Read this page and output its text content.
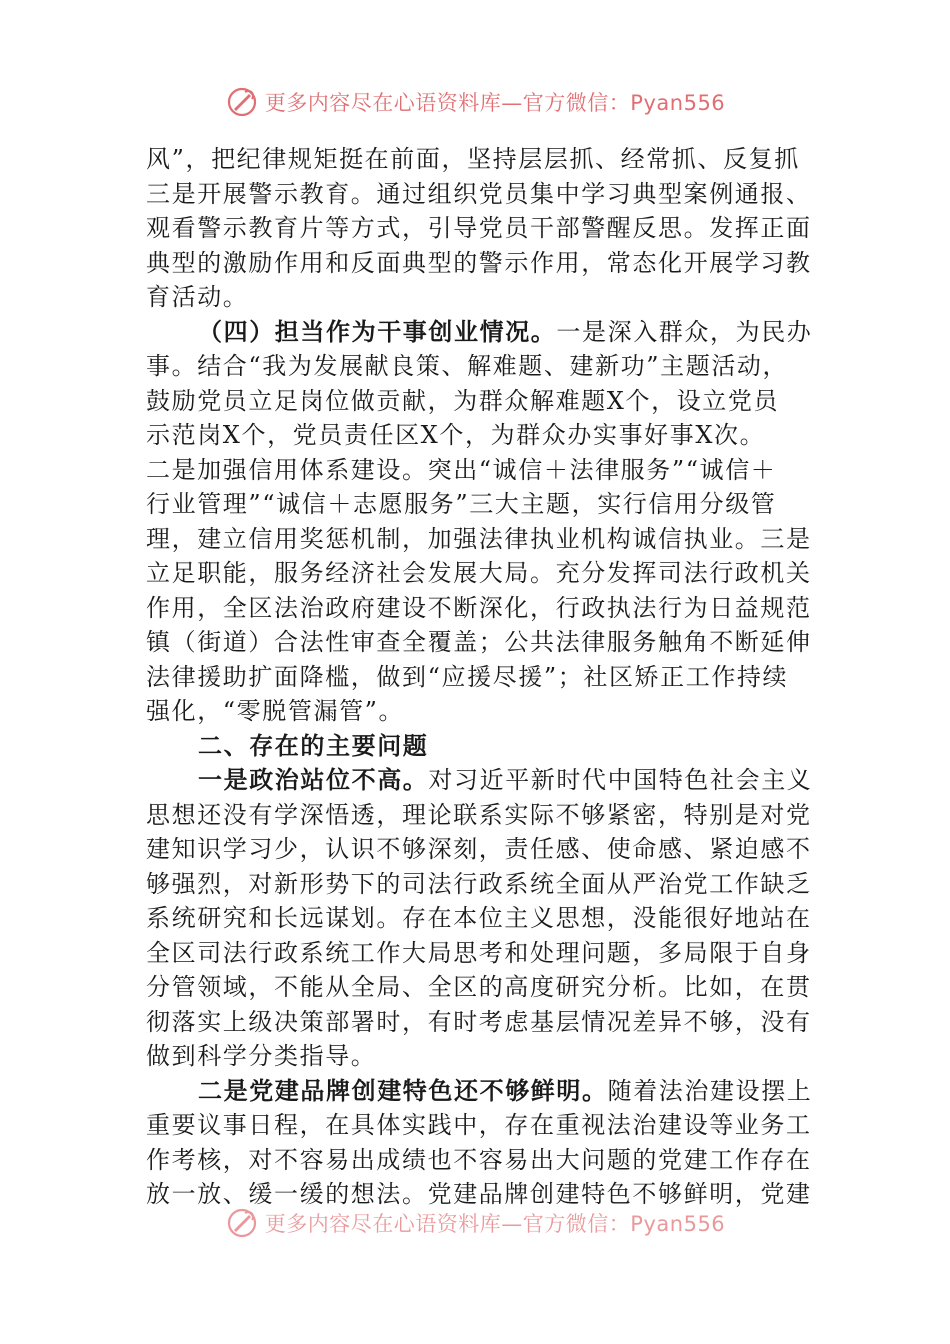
更多内容尽在心语资料库—官方微信：Pyan556
风”，把纪律规矩挺在前面，坚持层层抓、经常抓、反复抓
三是开展警示教育。通过组织党员集中学习典型案例通报、
观看警示教育片等方式，引导党员干部警醒反思。发挥正面
典型的激励作用和反面典型的警示作用，常态化开展学习教
育活动。
（四）担当作为干事创业情况。一是深入群众，为民办
事。结合“我为发展献良策、解难题、建新功”主题活动，
鼓励党员立足岗位做贡献，为群众解难题X个，设立党员
示范岗X个，党员责任区X个，为群众办实事好事X次。
二是加强信用体系建设。突出“诚信＋法律服务”“诚信＋
行业管理”“诚信＋志愿服务”三大主题，实行信用分级管
理，建立信用奖惩机制，加强法律执业机构诚信执业。三是
立足职能，服务经济社会发展大局。充分发挥司法行政机关
作用，全区法治政府建设不断深化，行政执法行为日益规范
镇（街道）合法性审查全覆盖；公共法律服务触角不断延伸
法律援助扩面降槛，做到“应援尽援”；社区矫正工作持续
强化，“零脱管漏管”。
二、存在的主要问题
一是政治站位不高。对习近平新时代中国特色社会主义
思想还没有学深悟透，理论联系实际不够紧密，特别是对党
建知识学习少，认识不够深刻，责任感、使命感、紧迫感不
够强烈，对新形势下的司法行政系统全面从严治党工作缺乏
系统研究和长远谋划。存在本位主义思想，没能很好地站在
全区司法行政系统工作大局思考和处理问题，多局限于自身
分管领域，不能从全局、全区的高度研究分析。比如，在贯
彻落实上级决策部署时，有时考虑基层情况差异不够，没有
做到科学分类指导。
二是党建品牌创建特色还不够鲜明。随着法治建设摆上
重要议事日程，在具体实践中，存在重视法治建设等业务工
作考核，对不容易出成绩也不容易出大问题的党建工作存在
放一放、缓一缓的想法。党建品牌创建特色不够鲜明，党建
更多内容尽在心语资料库—官方微信：Pyan556
